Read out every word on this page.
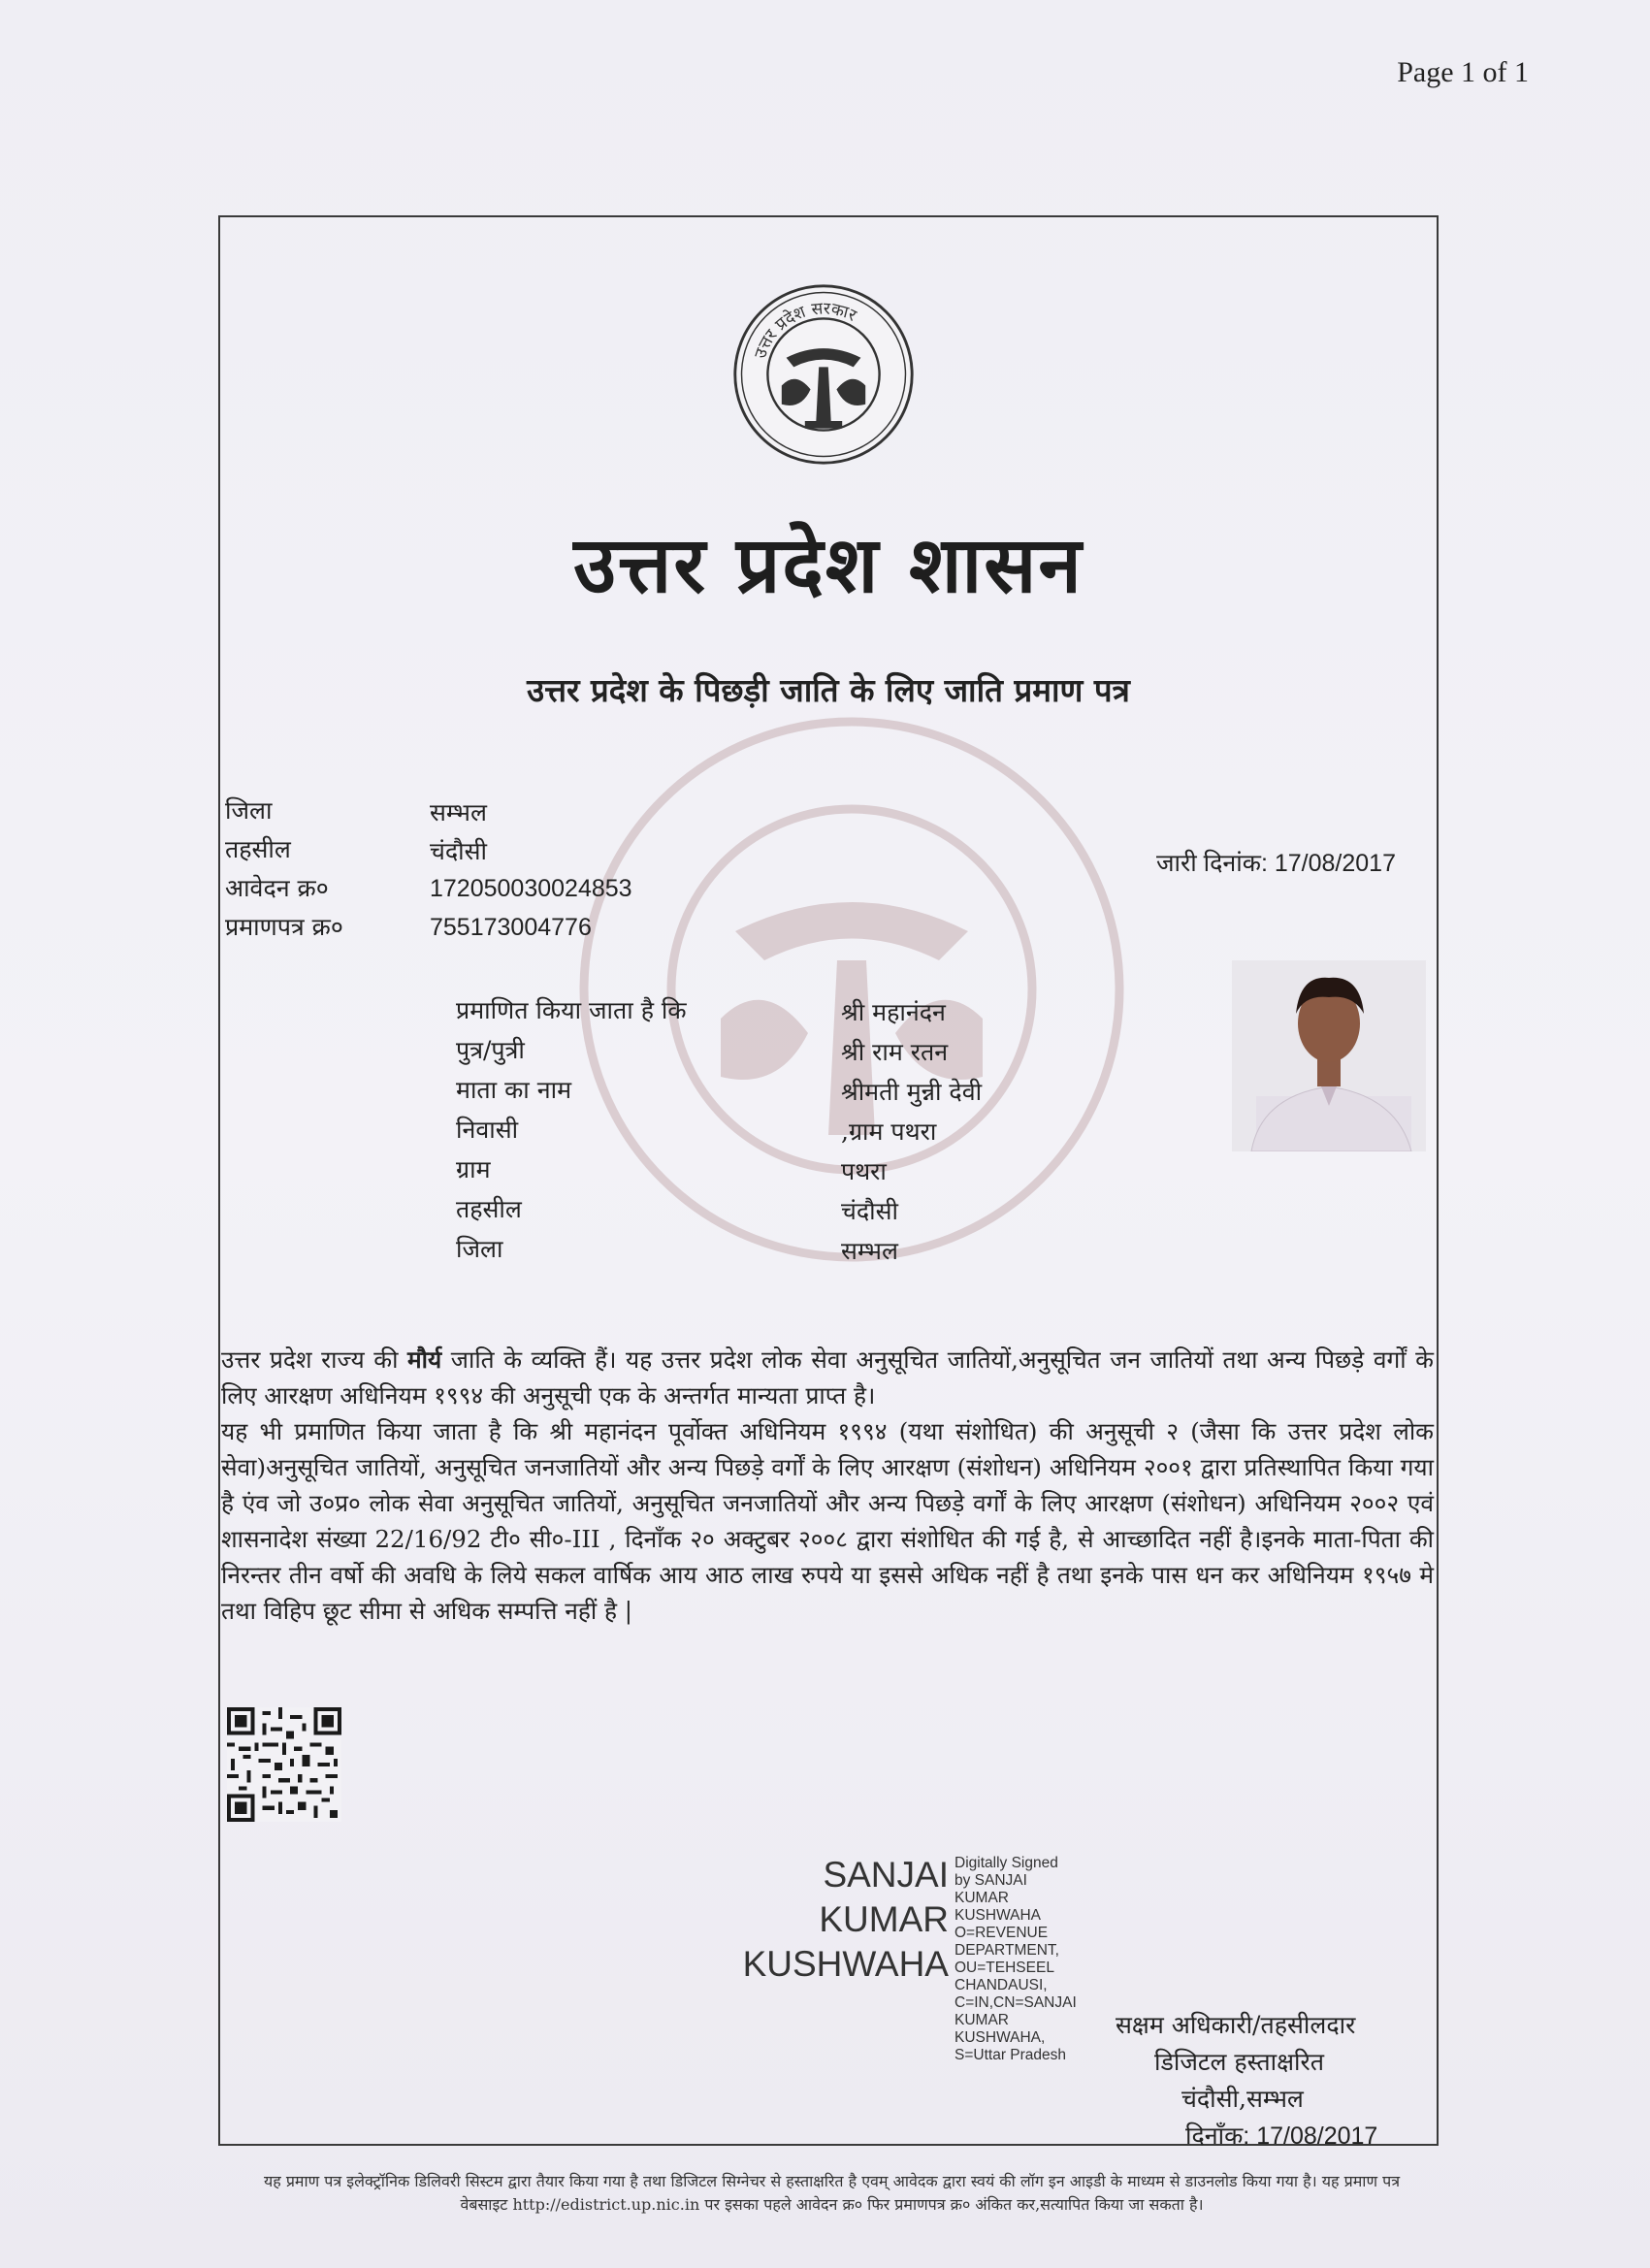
Page 1 of 1
उत्तर प्रदेश सरकार
उत्तर प्रदेश शासन
उत्तर प्रदेश के पिछड़ी जाति के लिए जाति प्रमाण पत्र
जिला	सम्भल
तहसील	चंदौसी
आवेदन क्र०	172050030024853
प्रमाणपत्र क्र०	755173004776
जारी दिनांक: 17/08/2017
प्रमाणित किया जाता है कि	श्री महानंदन
पुत्र/पुत्री	श्री राम रतन
माता का नाम	श्रीमती मुन्नी देवी
निवासी	,ग्राम पथरा
ग्राम	पथरा
तहसील	चंदौसी
जिला	सम्भल
उत्तर प्रदेश राज्य की मौर्य जाति के व्यक्ति हैं। यह उत्तर प्रदेश लोक सेवा अनुसूचित जातियों,अनुसूचित जन जातियों तथा अन्य पिछड़े वर्गों के लिए आरक्षण अधिनियम १९९४ की अनुसूची एक के अन्तर्गत मान्यता प्राप्त है।
यह भी प्रमाणित किया जाता है कि श्री महानंदन पूर्वोक्त अधिनियम १९९४ (यथा संशोधित) की अनुसूची २ (जैसा कि उत्तर प्रदेश लोक सेवा)अनुसूचित जातियों, अनुसूचित जनजातियों और अन्य पिछड़े वर्गों के लिए आरक्षण (संशोधन) अधिनियम २००१ द्वारा प्रतिस्थापित किया गया है एंव जो उ०प्र० लोक सेवा अनुसूचित जातियों, अनुसूचित जनजातियों और अन्य पिछड़े वर्गों के लिए आरक्षण (संशोधन) अधिनियम २००२ एवं शासनादेश संख्या 22/16/92 टी० सी०-III , दिनाँक २० अक्टुबर २००८ द्वारा संशोधित की गई है, से आच्छादित नहीं है।इनके माता-पिता की निरन्तर तीन वर्षो की अवधि के लिये सकल वार्षिक आय आठ लाख रुपये या इससे अधिक नहीं है तथा इनके पास धन कर अधिनियम १९५७ मे तथा विहिप छूट सीमा से अधिक सम्पत्ति नहीं है |
SANJAI
KUMAR
KUSHWAHA
Digitally Signed
by SANJAI
KUMAR
KUSHWAHA
O=REVENUE
DEPARTMENT,
OU=TEHSEEL
CHANDAUSI,
C=IN,CN=SANJAI
KUMAR
KUSHWAHA,
S=Uttar Pradesh
सक्षम अधिकारी/तहसीलदार
डिजिटल हस्ताक्षरित
चंदौसी,सम्भल
दिनाँक: 17/08/2017
यह प्रमाण पत्र इलेक्ट्रॉनिक डिलिवरी सिस्टम द्वारा तैयार किया गया है तथा डिजिटल सिग्नेचर से हस्ताक्षरित है एवम् आवेदक द्वारा स्वयं की लॉग इन आइडी के माध्यम से डाउनलोड किया गया है। यह प्रमाण पत्र वेबसाइट http://edistrict.up.nic.in पर इसका पहले आवेदन क्र० फिर प्रमाणपत्र क्र० अंकित कर,सत्यापित किया जा सकता है।
